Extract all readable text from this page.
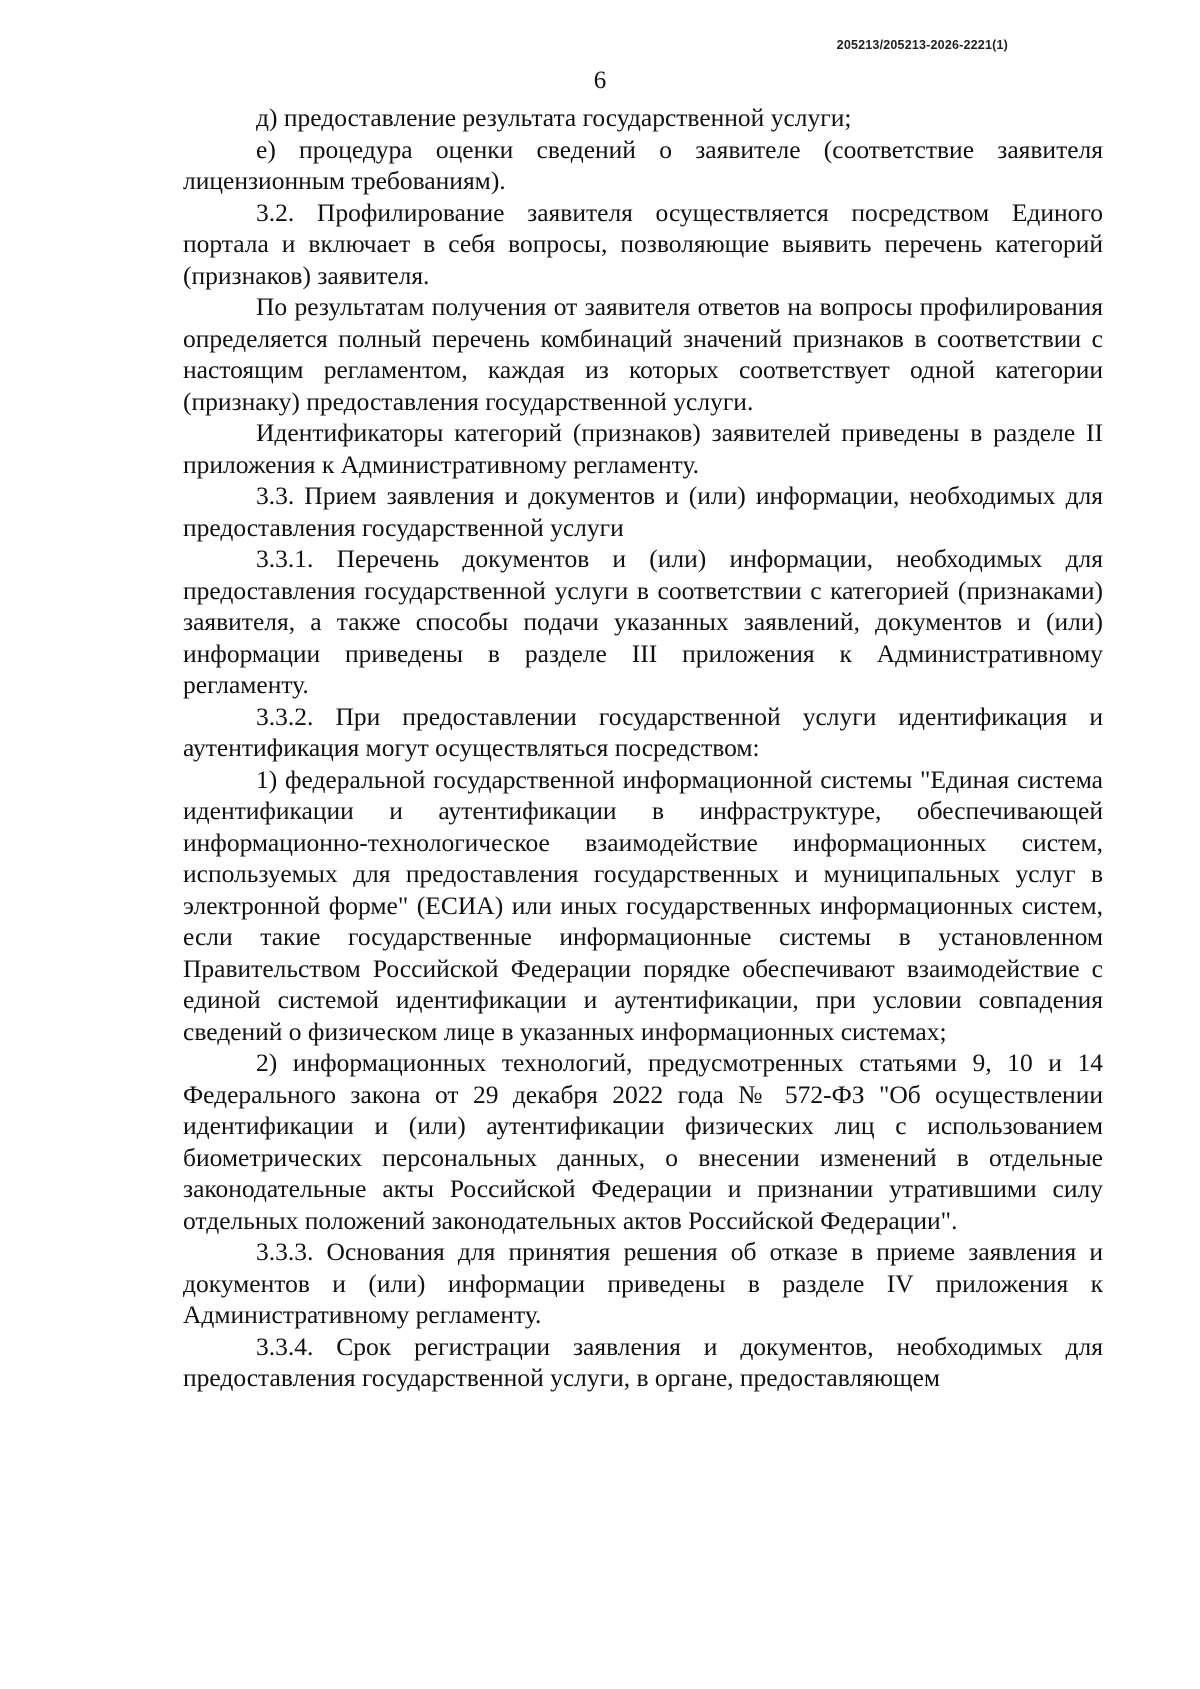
205213/205213-2026-2221(1)
6

д) предоставление результата государственной услуги;

е) процедура оценки сведений о заявителе (соответствие заявителя лицензионным требованиям).

3.2. Профилирование заявителя осуществляется посредством Единого портала и включает в себя вопросы, позволяющие выявить перечень категорий (признаков) заявителя.

По результатам получения от заявителя ответов на вопросы профилирования определяется полный перечень комбинаций значений признаков в соответствии с настоящим регламентом, каждая из которых соответствует одной категории (признаку) предоставления государственной услуги.

Идентификаторы категорий (признаков) заявителей приведены в разделе II приложения к Административному регламенту.

3.3. Прием заявления и документов и (или) информации, необходимых для предоставления государственной услуги

3.3.1. Перечень документов и (или) информации, необходимых для предоставления государственной услуги в соответствии с категорией (признаками) заявителя, а также способы подачи указанных заявлений, документов и (или) информации приведены в разделе III приложения к Административному регламенту.

3.3.2. При предоставлении государственной услуги идентификация и аутентификация могут осуществляться посредством:

1) федеральной государственной информационной системы "Единая система идентификации и аутентификации в инфраструктуре, обеспечивающей информационно-технологическое взаимодействие информационных систем, используемых для предоставления государственных и муниципальных услуг в электронной форме" (ЕСИА) или иных государственных информационных систем, если такие государственные информационные системы в установленном Правительством Российской Федерации порядке обеспечивают взаимодействие с единой системой идентификации и аутентификации, при условии совпадения сведений о физическом лице в указанных информационных системах;

2) информационных технологий, предусмотренных статьями 9, 10 и 14 Федерального закона от 29 декабря 2022 года № 572-ФЗ "Об осуществлении идентификации и (или) аутентификации физических лиц с использованием биометрических персональных данных, о внесении изменений в отдельные законодательные акты Российской Федерации и признании утратившими силу отдельных положений законодательных актов Российской Федерации".

3.3.3. Основания для принятия решения об отказе в приеме заявления и документов и (или) информации приведены в разделе IV приложения к Административному регламенту.

3.3.4. Срок регистрации заявления и документов, необходимых для предоставления государственной услуги, в органе, предоставляющем
